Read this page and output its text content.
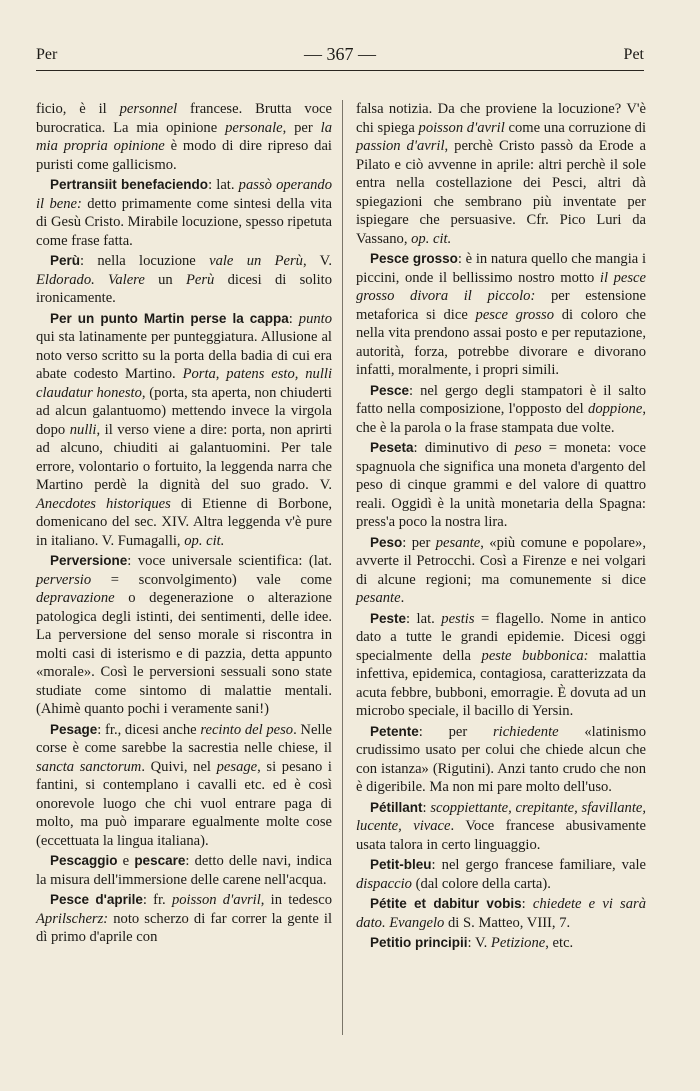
Per	— 367 —	Pet

ficio, è il personnel francese. Brutta voce burocratica. La mia opinione personale, per la mia propria opinione è modo di dire ripreso dai puristi come gallicismo.

Pertransiit benefaciendo: lat. passò operando il bene: detto primamente come sintesi della vita di Gesù Cristo. Mirabile locuzione, spesso ripetuta come frase fatta.

Perù: nella locuzione vale un Perù, V. Eldorado. Valere un Perù dicesi di solito ironicamente.

Per un punto Martin perse la cappa: punto qui sta latinamente per punteggiatura. Allusione al noto verso scritto su la porta della badia di cui era abate codesto Martino. Porta, patens esto, nulli claudatur honesto, (porta, sta aperta, non chiuderti ad alcun galantuomo) mettendo invece la virgola dopo nulli, il verso viene a dire: porta, non aprirti ad alcuno, chiuditi ai galantuomini. Per tale errore, volontario o fortuito, la leggenda narra che Martino perdè la dignità del suo grado. V. Anecdotes historiques di Etienne di Borbone, domenicano del sec. XIV. Altra leggenda v'è pure in italiano. V. Fumagalli, op. cit.

Perversione: voce universale scientifica: (lat. perversio = sconvolgimento) vale come depravazione o degenerazione o alterazione patologica degli istinti, dei sentimenti, delle idee. La perversione del senso morale si riscontra in molti casi di isterismo e di pazzia, detta appunto «morale». Così le perversioni sessuali sono state studiate come sintomo di malattie mentali. (Ahimè quanto pochi i veramente sani!)

Pesage: fr., dicesi anche recinto del peso. Nelle corse è come sarebbe la sacrestia nelle chiese, il sancta sanctorum. Quivi, nel pesage, si pesano i fantini, si contemplano i cavalli etc. ed è così onorevole luogo che chi vuol entrare paga di molto, ma può imparare egualmente molte cose (eccettuata la lingua italiana).

Pescaggio e pescare: detto delle navi, indica la misura dell'immersione delle carene nell'acqua.

Pesce d'aprile: fr. poisson d'avril, in tedesco Aprilscherz: noto scherzo di far correr la gente il dì primo d'aprile con

falsa notizia. Da che proviene la locuzione? V'è chi spiega poisson d'avril come una corruzione di passion d'avril, perchè Cristo passò da Erode a Pilato e ciò avvenne in aprile: altri perchè il sole entra nella costellazione dei Pesci, altri dà spiegazioni che sembrano più inventate per ispiegare che persuasive. Cfr. Pico Luri da Vassano, op. cit.

Pesce grosso: è in natura quello che mangia i piccini, onde il bellissimo nostro motto il pesce grosso divora il piccolo: per estensione metaforica si dice pesce grosso di coloro che nella vita prendono assai posto e per reputazione, autorità, forza, potrebbe divorare e divorano infatti, moralmente, i propri simili.

Pesce: nel gergo degli stampatori è il salto fatto nella composizione, l'opposto del doppione, che è la parola o la frase stampata due volte.

Peseta: diminutivo di peso = moneta: voce spagnuola che significa una moneta d'argento del peso di cinque grammi e del valore di quattro reali. Oggidì è la unità monetaria della Spagna: press'a poco la nostra lira.

Peso: per pesante, «più comune e popolare», avverte il Petrocchi. Così a Firenze e nei volgari di alcune regioni; ma comunemente si dice pesante.

Peste: lat. pestis = flagello. Nome in antico dato a tutte le grandi epidemie. Dicesi oggi specialmente della peste bubbonica: malattia infettiva, epidemica, contagiosa, caratterizzata da acuta febbre, bubboni, emorragie. È dovuta ad un microbo speciale, il bacillo di Yersin.

Petente: per richiedente «latinismo crudissimo usato per colui che chiede alcun che con istanza» (Rigutini). Anzi tanto crudo che non è digeribile. Ma non mi pare molto dell'uso.

Pétillant: scoppiettante, crepitante, sfavillante, lucente, vivace. Voce francese abusivamente usata talora in certo linguaggio.

Petit-bleu: nel gergo francese familiare, vale dispaccio (dal colore della carta).

Pétite et dabitur vobis: chiedete e vi sarà dato. Evangelo di S. Matteo, VIII, 7.

Petitio principii: V. Petizione, etc.
